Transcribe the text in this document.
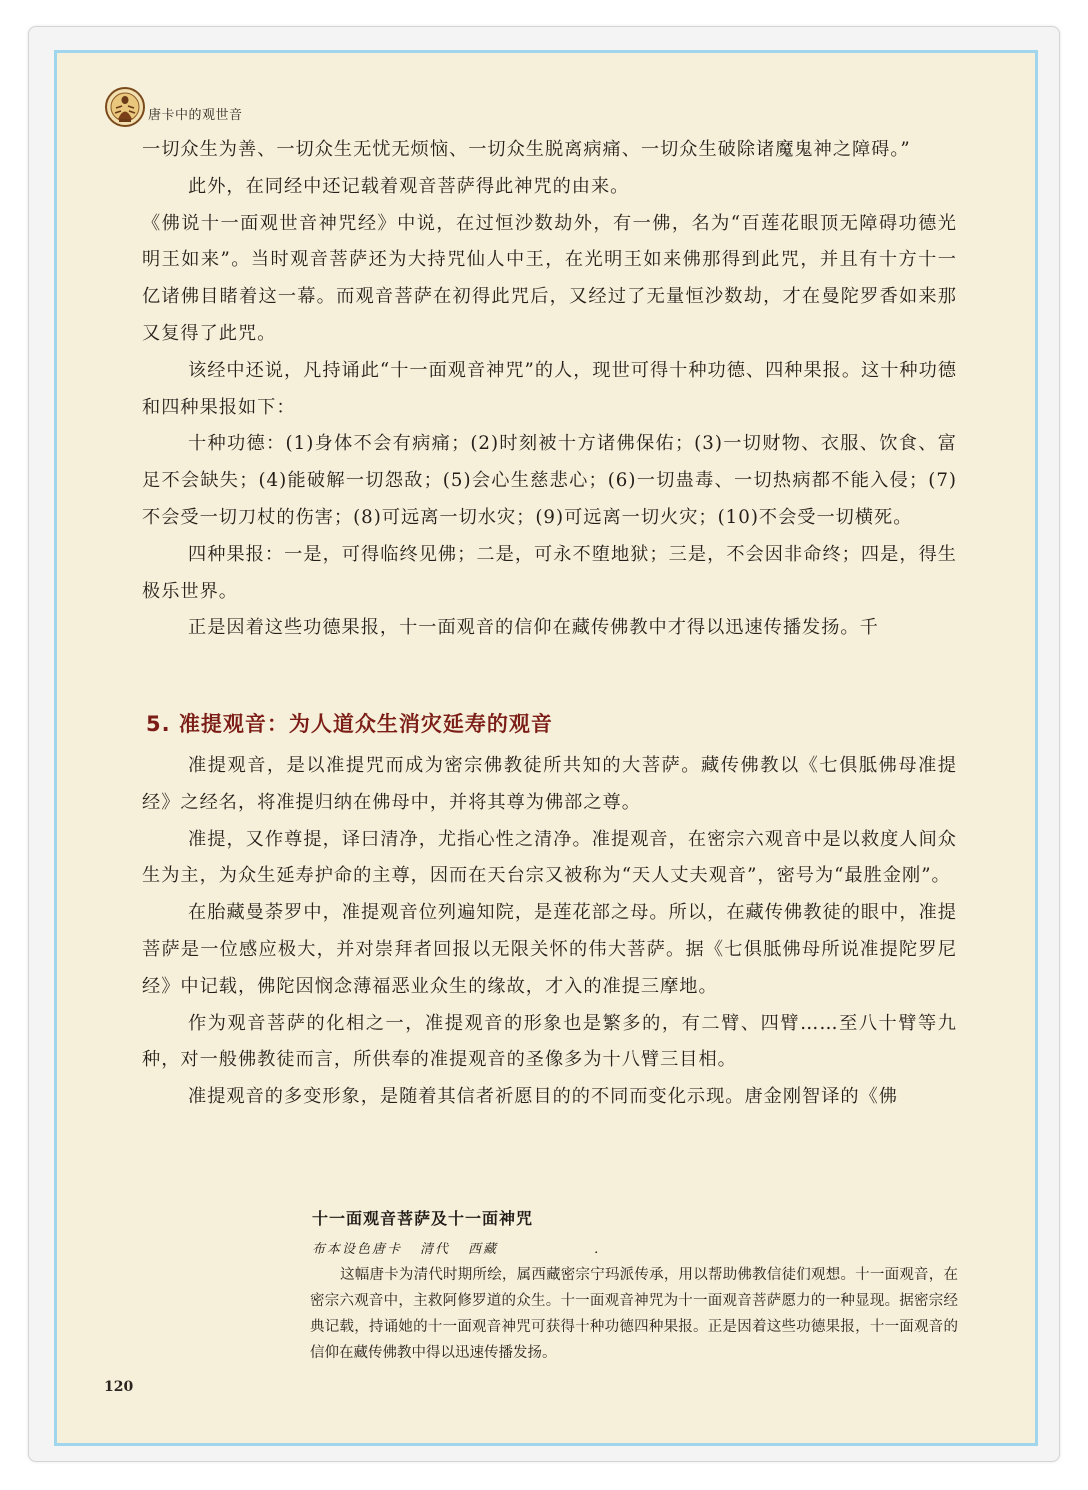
唐卡中的观世音

一切众生为善、一切众生无忧无烦恼、一切众生脱离病痛、一切众生破除诸魔鬼神之障碍。”

此外，在同经中还记载着观音菩萨得此神咒的由来。

《佛说十一面观世音神咒经》中说，在过恒沙数劫外，有一佛，名为“百莲花眼顶无障碍功德光明王如来”。当时观音菩萨还为大持咒仙人中王，在光明王如来佛那得到此咒，并且有十方十一亿诸佛目睹着这一幕。而观音菩萨在初得此咒后，又经过了无量恒沙数劫，才在曼陀罗香如来那又复得了此咒。

该经中还说，凡持诵此“十一面观音神咒”的人，现世可得十种功德、四种果报。这十种功德和四种果报如下：

十种功德：(1)身体不会有病痛；(2)时刻被十方诸佛保佑；(3)一切财物、衣服、饮食、富足不会缺失；(4)能破解一切怨敌；(5)会心生慈悲心；(6)一切蛊毒、一切热病都不能入侵；(7)不会受一切刀杖的伤害；(8)可远离一切水灾；(9)可远离一切火灾；(10)不会受一切横死。

四种果报：一是，可得临终见佛；二是，可永不堕地狱；三是，不会因非命终；四是，得生极乐世界。

正是因着这些功德果报，十一面观音的信仰在藏传佛教中才得以迅速传播发扬。千

5. 准提观音：为人道众生消灾延寿的观音

准提观音，是以准提咒而成为密宗佛教徒所共知的大菩萨。藏传佛教以《七俱胝佛母准提经》之经名，将准提归纳在佛母中，并将其尊为佛部之尊。

准提，又作尊提，译曰清净，尤指心性之清净。准提观音，在密宗六观音中是以救度人间众生为主，为众生延寿护命的主尊，因而在天台宗又被称为“天人丈夫观音”，密号为“最胜金刚”。

在胎藏曼荼罗中，准提观音位列遍知院，是莲花部之母。所以，在藏传佛教徒的眼中，准提菩萨是一位感应极大，并对崇拜者回报以无限关怀的伟大菩萨。据《七俱胝佛母所说准提陀罗尼经》中记载，佛陀因悯念薄福恶业众生的缘故，才入的准提三摩地。

作为观音菩萨的化相之一，准提观音的形象也是繁多的，有二臂、四臂……至八十臂等九种，对一般佛教徒而言，所供奉的准提观音的圣像多为十八臂三目相。

准提观音的多变形象，是随着其信者祈愿目的的不同而变化示现。唐金刚智译的《佛

十一面观音菩萨及十一面神咒
布本设色唐卡 清代 西藏	．

这幅唐卡为清代时期所绘，属西藏密宗宁玛派传承，用以帮助佛教信徒们观想。十一面观音，在密宗六观音中，主救阿修罗道的众生。十一面观音神咒为十一面观音菩萨愿力的一种显现。据密宗经典记载，持诵她的十一面观音神咒可获得十种功德四种果报。正是因着这些功德果报，十一面观音的信仰在藏传佛教中得以迅速传播发扬。

120
